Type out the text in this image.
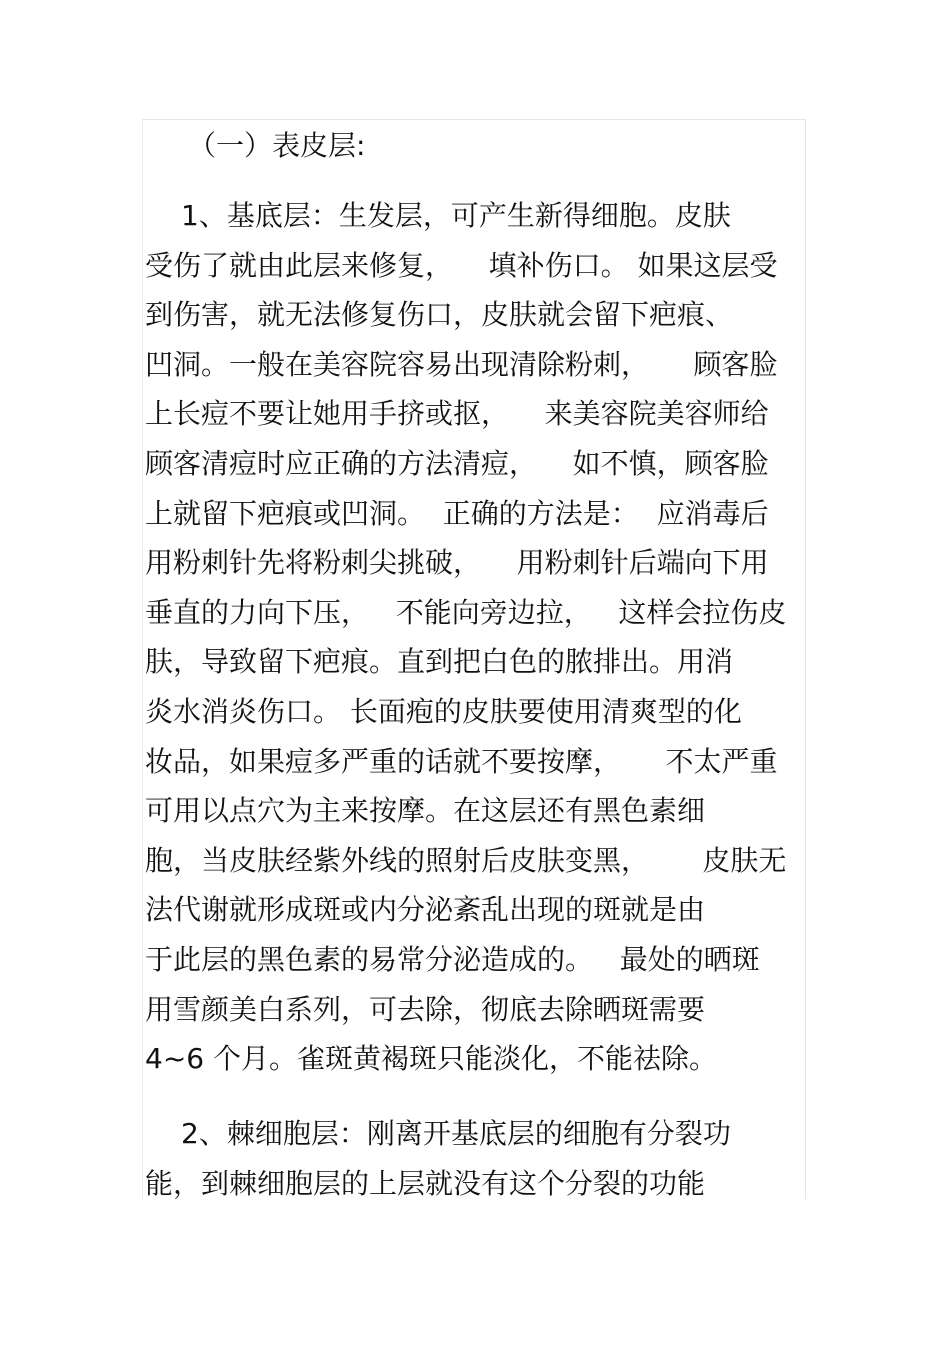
（一）表皮层:
1、基底层：生发层，可产生新得细胞。皮肤
受伤了就由此层来修复，    填补伤口。 如果这层受
到伤害，就无法修复伤口，皮肤就会留下疤痕、
凹洞。一般在美容院容易出现清除粉刺，     顾客脸
上长痘不要让她用手挤或抠，    来美容院美容师给
顾客清痘时应正确的方法清痘，    如不慎，顾客脸
上就留下疤痕或凹洞。  正确的方法是：  应消毒后
用粉刺针先将粉刺尖挑破，    用粉刺针后端向下用
垂直的力向下压，   不能向旁边拉，   这样会拉伤皮
肤，导致留下疤痕。直到把白色的脓排出。用消
炎水消炎伤口。 长面疱的皮肤要使用清爽型的化
妆品，如果痘多严重的话就不要按摩，     不太严重
可用以点穴为主来按摩。在这层还有黑色素细
胞，当皮肤经紫外线的照射后皮肤变黑，      皮肤无
法代谢就形成斑或内分泌紊乱出现的斑就是由
于此层的黑色素的易常分泌造成的。   最处的晒斑
用雪颜美白系列，可去除，彻底去除晒斑需要
4~6 个月。雀斑黄褐斑只能淡化，不能祛除。
2、棘细胞层：刚离开基底层的细胞有分裂功
能，到棘细胞层的上层就没有这个分裂的功能
